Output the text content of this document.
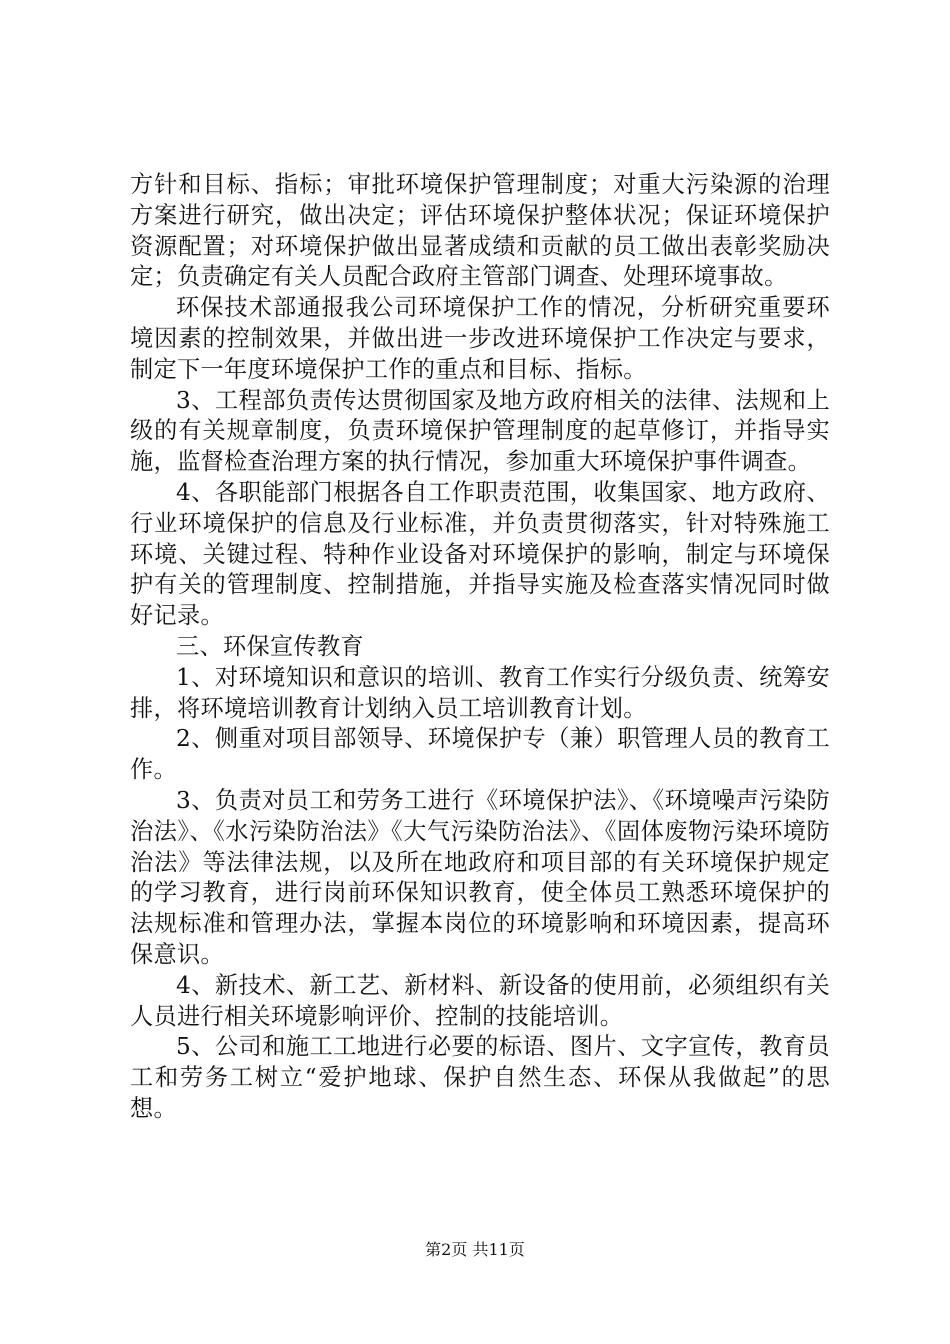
方针和目标、指标；审批环境保护管理制度；对重大污染源的治理方案进行研究，做出决定；评估环境保护整体状况；保证环境保护资源配置；对环境保护做出显著成绩和贡献的员工做出表彰奖励决定；负责确定有关人员配合政府主管部门调查、处理环境事故。

环保技术部通报我公司环境保护工作的情况，分析研究重要环境因素的控制效果，并做出进一步改进环境保护工作决定与要求，制定下一年度环境保护工作的重点和目标、指标。

3、工程部负责传达贯彻国家及地方政府相关的法律、法规和上级的有关规章制度，负责环境保护管理制度的起草修订，并指导实施，监督检查治理方案的执行情况，参加重大环境保护事件调查。

4、各职能部门根据各自工作职责范围，收集国家、地方政府、行业环境保护的信息及行业标准，并负责贯彻落实，针对特殊施工环境、关键过程、特种作业设备对环境保护的影响，制定与环境保护有关的管理制度、控制措施，并指导实施及检查落实情况同时做好记录。

三、环保宣传教育

1、对环境知识和意识的培训、教育工作实行分级负责、统筹安排，将环境培训教育计划纳入员工培训教育计划。

2、侧重对项目部领导、环境保护专（兼）职管理人员的教育工作。

3、负责对员工和劳务工进行《环境保护法》、《环境噪声污染防治法》、《水污染防治法》《大气污染防治法》、《固体废物污染环境防治法》等法律法规，以及所在地政府和项目部的有关环境保护规定的学习教育，进行岗前环保知识教育，使全体员工熟悉环境保护的法规标准和管理办法，掌握本岗位的环境影响和环境因素，提高环保意识。

4、新技术、新工艺、新材料、新设备的使用前，必须组织有关人员进行相关环境影响评价、控制的技能培训。

5、公司和施工工地进行必要的标语、图片、文字宣传，教育员工和劳务工树立“爱护地球、保护自然生态、环保从我做起”的思想。

第2页 共11页
